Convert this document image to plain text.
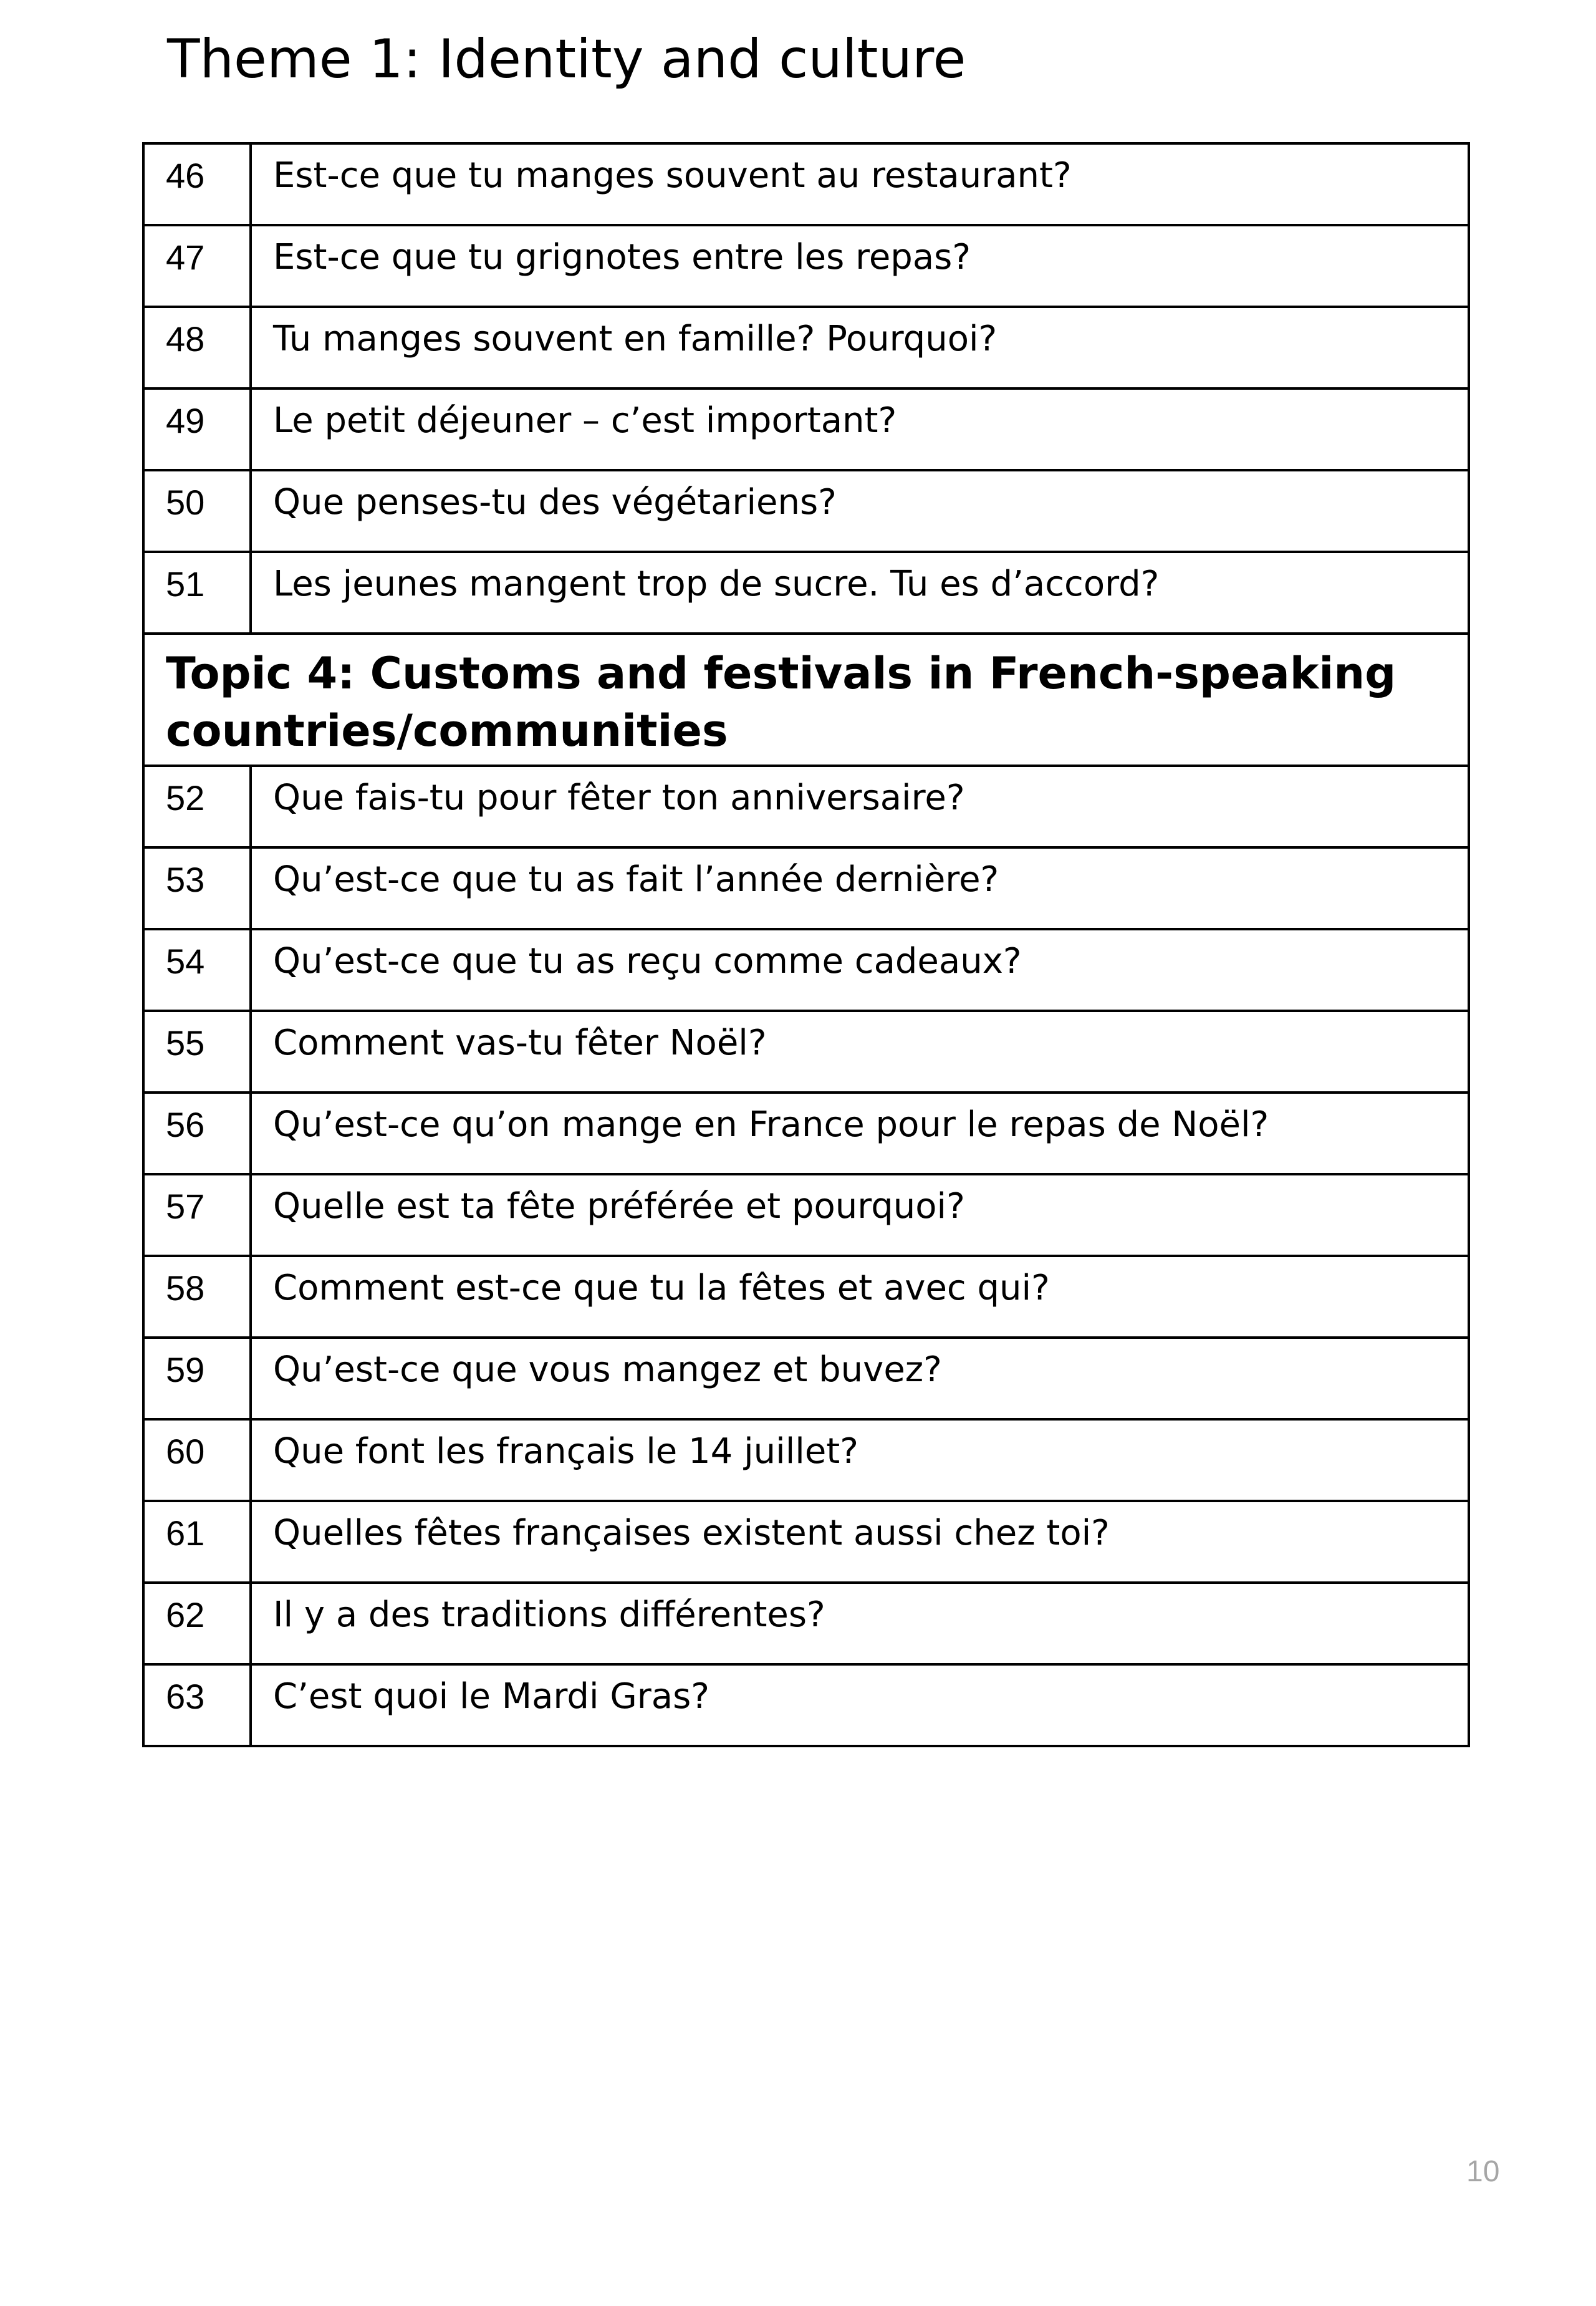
Theme 1: Identity and culture
46	Est-ce que tu manges souvent au restaurant?
47	Est-ce que tu grignotes entre les repas?
48	Tu manges souvent en famille? Pourquoi?
49	Le petit déjeuner – c’est important?
50	Que penses-tu des végétariens?
51	Les jeunes mangent trop de sucre. Tu es d’accord?
Topic 4: Customs and festivals in French-speaking countries/communities	
52	Que fais-tu pour fêter ton anniversaire?
53	Qu’est-ce que tu as fait l’année dernière?
54	Qu’est-ce que tu as reçu comme cadeaux?
55	Comment vas-tu fêter Noël?
56	Qu’est-ce qu’on mange en France pour le repas de Noël?
57	Quelle est ta fête préférée et pourquoi?
58	Comment est-ce que tu la fêtes et avec qui?
59	Qu’est-ce que vous mangez et buvez?
60	Que font les français le 14 juillet?
61	Quelles fêtes françaises existent aussi chez toi?
62	Il y a des traditions différentes?
63	C’est quoi le Mardi Gras?
10
